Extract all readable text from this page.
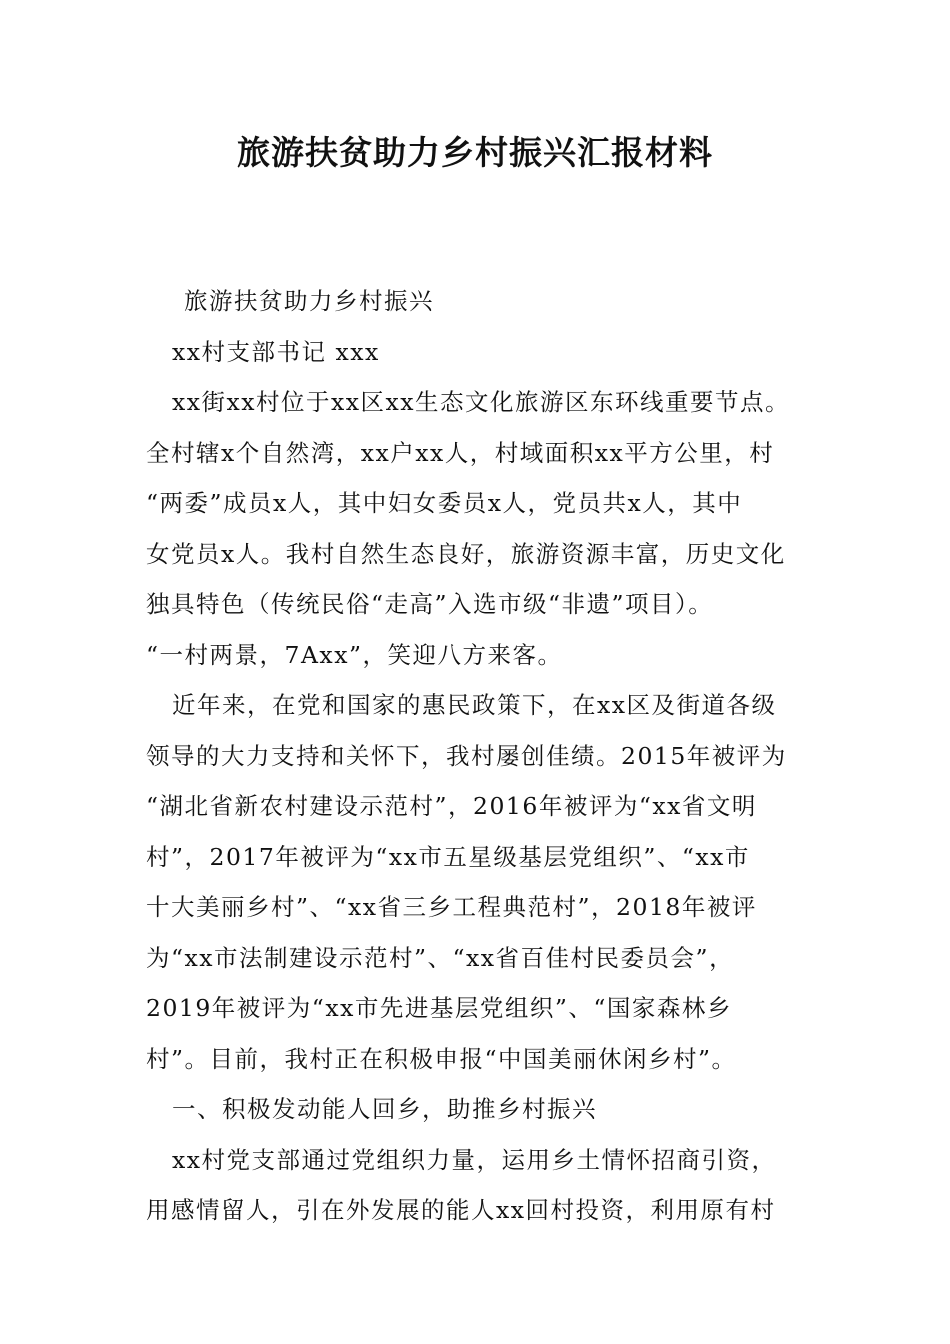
旅游扶贫助力乡村振兴汇报材料
旅游扶贫助力乡村振兴
xx村支部书记 xxx
xx街xx村位于xx区xx生态文化旅游区东环线重要节点。
全村辖x个自然湾，xx户xx人，村域面积xx平方公里，村
“两委”成员x人，其中妇女委员x人，党员共x人，其中
女党员x人。我村自然生态良好，旅游资源丰富，历史文化
独具特色（传统民俗“走高”入选市级“非遗”项目）。
“一村两景，7Axx”，笑迎八方来客。
近年来，在党和国家的惠民政策下，在xx区及街道各级
领导的大力支持和关怀下，我村屡创佳绩。2015年被评为
“湖北省新农村建设示范村”，2016年被评为“xx省文明
村”，2017年被评为“xx市五星级基层党组织”、“xx市
十大美丽乡村”、“xx省三乡工程典范村”，2018年被评
为“xx市法制建设示范村”、“xx省百佳村民委员会”，
2019年被评为“xx市先进基层党组织”、“国家森林乡
村”。目前，我村正在积极申报“中国美丽休闲乡村”。
一、积极发动能人回乡，助推乡村振兴
xx村党支部通过党组织力量，运用乡土情怀招商引资，
用感情留人，引在外发展的能人xx回村投资，利用原有村
